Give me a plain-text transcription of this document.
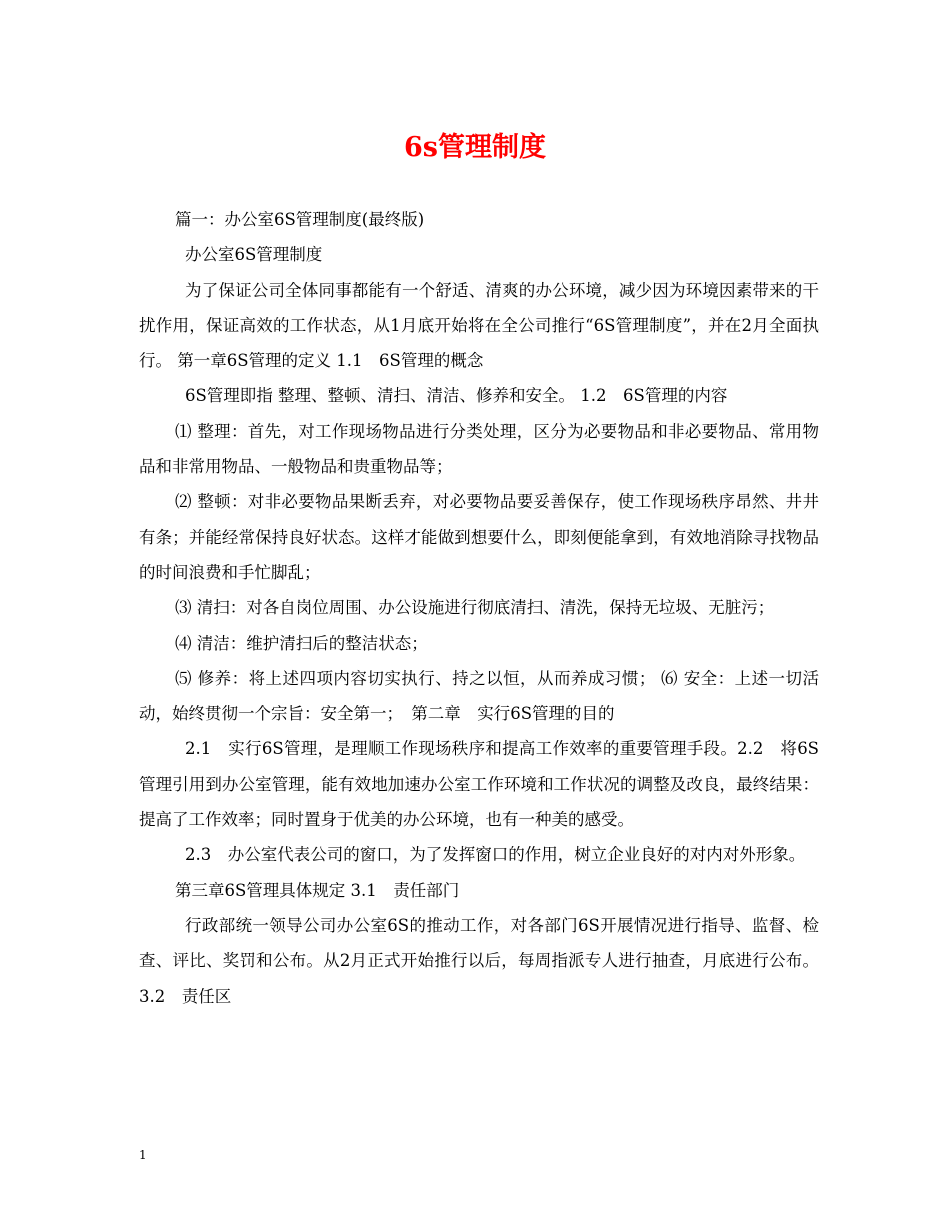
6s管理制度

篇一：办公室6S管理制度(最终版)

办公室6S管理制度

为了保证公司全体同事都能有一个舒适、清爽的办公环境，减少因为环境因素带来的干扰作用，保证高效的工作状态，从1月底开始将在全公司推行“6S管理制度”，并在2月全面执行。 第一章6S管理的定义 1.1　6S管理的概念

6S管理即指 整理、整顿、清扫、清洁、修养和安全。 1.2　6S管理的内容

⑴ 整理：首先，对工作现场物品进行分类处理，区分为必要物品和非必要物品、常用物品和非常用物品、一般物品和贵重物品等；

⑵ 整顿：对非必要物品果断丢弃，对必要物品要妥善保存，使工作现场秩序昂然、井井有条；并能经常保持良好状态。这样才能做到想要什么，即刻便能拿到，有效地消除寻找物品的时间浪费和手忙脚乱；

⑶ 清扫：对各自岗位周围、办公设施进行彻底清扫、清洗，保持无垃圾、无脏污；

⑷ 清洁：维护清扫后的整洁状态；

⑸ 修养：将上述四项内容切实执行、持之以恒，从而养成习惯； ⑹ 安全：上述一切活动，始终贯彻一个宗旨：安全第一；　第二章　实行6S管理的目的

2.1　实行6S管理，是理顺工作现场秩序和提高工作效率的重要管理手段。2.2　将6S管理引用到办公室管理，能有效地加速办公室工作环境和工作状况的调整及改良，最终结果：提高了工作效率；同时置身于优美的办公环境，也有一种美的感受。

2.3　办公室代表公司的窗口，为了发挥窗口的作用，树立企业良好的对内对外形象。

第三章6S管理具体规定 3.1　责任部门

行政部统一领导公司办公室6S的推动工作，对各部门6S开展情况进行指导、监督、检查、评比、奖罚和公布。从2月正式开始推行以后，每周指派专人进行抽查，月底进行公布。 3.2　责任区

1
